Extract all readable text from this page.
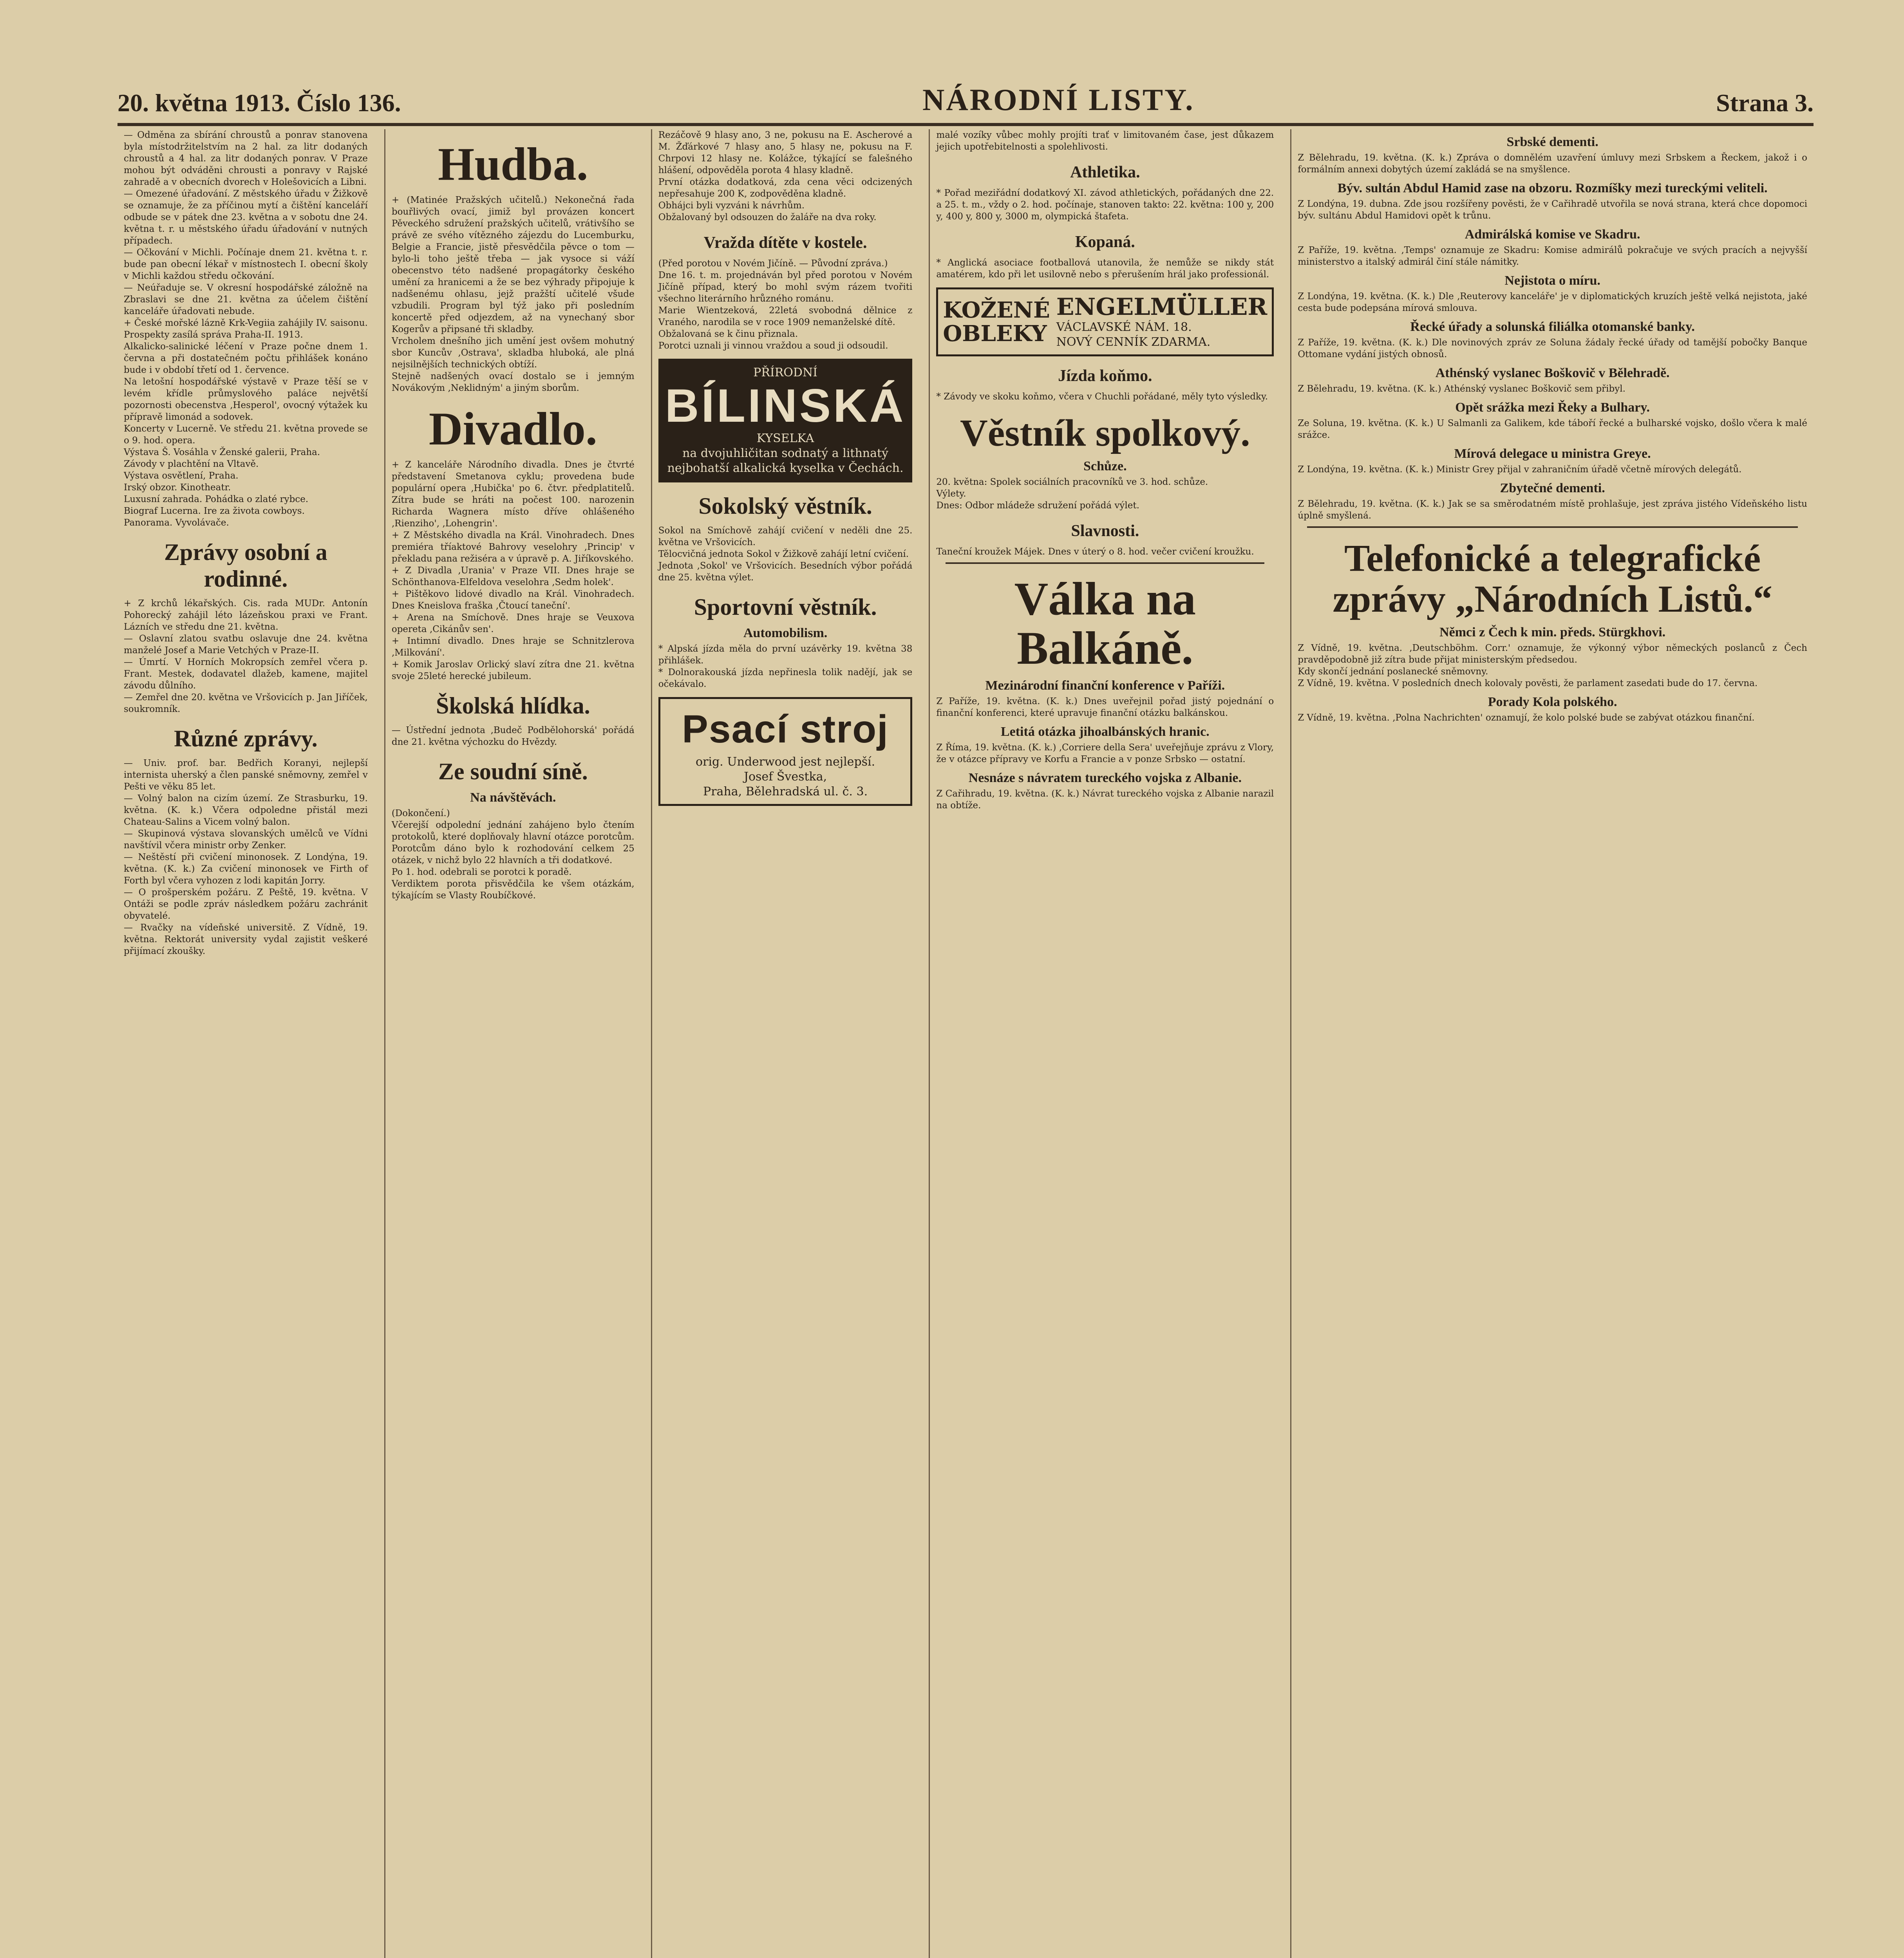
20. května 1913. Číslo 136.	NÁRODNÍ LISTY.	Strana 3.
— Odměna za sbírání chroustů a ponrav stanovena byla místodržitelstvím na 2 hal. za litr dodaných chroustů a 4 hal. za litr dodaných ponrav. V Praze mohou být odváděni chrousti a ponravy v Rajské zahradě a v obecních dvorech v Holešovicích a Libni.
— Omezené úřadování. Z městského úřadu v Žižkově se oznamuje, že za příčinou mytí a čištění kanceláří odbude se v pátek dne 23. května a v sobotu dne 24. května t. r. u městského úřadu úřadování v nutných případech.
— Očkování v Michli. Počínaje dnem 21. května t. r. bude pan obecní lékař v místnostech I. obecní školy v Michli každou středu očkování.
— Neúřaduje se. V okresní hospodářské záložně na Zbraslavi se dne 21. května za účelem čištění kanceláře úřadovati nebude.
+ České mořské lázně Krk-Vegiia zahájily IV. saisonu. Prospekty zasílá správa Praha-II. 1913.
Alkalicko-salinické léčení v Praze počne dnem 1. června a při dostatečném počtu přihlášek konáno bude i v období třetí od 1. července.
Na letošní hospodářské výstavě v Praze těší se v levém křídle průmyslového paláce největší pozornosti obecenstva ‚Hesperol', ovocný výtažek ku přípravě limonád a sodovek.
Koncerty v Lucerně. Ve středu 21. května provede se o 9. hod. opera.
Výstava Š. Vosáhla v Ženské galerii, Praha.
Závody v plachtění na Vltavě.
Výstava osvětlení, Praha.
Irský obzor. Kinotheatr.
Luxusní zahrada. Pohádka o zlaté rybce.
Biograf Lucerna. Ire za života cowboys.
Panorama. Vyvolávače.
Zprávy osobní a rodinné.
+ Z krchů lékařských. Cis. rada MUDr. Antonín Pohorecký zahájil léto lázeňskou praxi ve Frant. Lázních ve středu dne 21. května.
— Oslavní zlatou svatbu oslavuje dne 24. května manželé Josef a Marie Vetchých v Praze-II.
— Úmrtí. V Horních Mokropsích zemřel včera p. Frant. Mestek, dodavatel dlažeb, kamene, majitel závodu důlního.
— Zemřel dne 20. května ve Vršovicích p. Jan Jiříček, soukromník.
Různé zprávy.
— Univ. prof. bar. Bedřich Koranyi, nejlepší internista uherský a člen panské sněmovny, zemřel v Pešti ve věku 85 let.
— Volný balon na cizím území. Ze Strasburku, 19. května. (K. k.) Včera odpoledne přistál mezi Chateau-Salins a Vicem volný balon.
— Skupinová výstava slovanských umělců ve Vídni navštívil včera ministr orby Zenker.
— Neštěstí při cvičení minonosek. Z Londýna, 19. května. (K. k.) Za cvičení minonosek ve Firth of Forth byl včera vyhozen z lodi kapitán Jorry.
— O prošperském požáru. Z Peště, 19. května. V Ontáži se podle zpráv následkem požáru zachránit obyvatelé.
— Rvačky na vídeňské universitě. Z Vídně, 19. května. Rektorát university vydal zajistit veškeré přijímací zkoušky.
Hudba.
+ (Matinée Pražských učitelů.) Nekonečná řada bouřlivých ovací, jimiž byl provázen koncert Pěveckého sdružení pražských učitelů, vrátivšího se právě ze svého vítězného zájezdu do Lucemburku, Belgie a Francie, jistě přesvědčila pěvce o tom — bylo-li toho ještě třeba — jak vysoce si váží obecenstvo této nadšené propagátorky českého umění za hranicemi a že se bez výhrady připojuje k nadšenému ohlasu, jejž pražští učitelé všude vzbudili. Program byl týž jako při posledním koncertě před odjezdem, až na vynechaný sbor Kogerův a připsané tři skladby.
Vrcholem dnešního jich umění jest ovšem mohutný sbor Kuncův ‚Ostrava', skladba hluboká, ale plná nejsilnějších technických obtíží.
Stejně nadšených ovací dostalo se i jemným Novákovým ‚Neklidným' a jiným sborům.
Divadlo.
+ Z kanceláře Národního divadla. Dnes je čtvrté představení Smetanova cyklu; provedena bude populární opera ‚Hubička' po 6. čtvr. předplatitelů. Zítra bude se hráti na počest 100. narozenin Richarda Wagnera místo dříve ohlášeného ‚Rienziho', ‚Lohengrin'.
+ Z Městského divadla na Král. Vinohradech. Dnes premiéra tříaktové Bahrovy veselohry ‚Princip' v překladu pana režiséra a v úpravě p. A. Jiříkovského.
+ Z Divadla ‚Urania' v Praze VII. Dnes hraje se Schönthanova-Elfeldova veselohra ‚Sedm holek'.
+ Pištěkovo lidové divadlo na Král. Vinohradech. Dnes Kneislova fraška ‚Čtoucí taneční'.
+ Arena na Smíchově. Dnes hraje se Veuxova opereta ‚Cikánův sen'.
+ Intimní divadlo. Dnes hraje se Schnitzlerova ‚Milkování'.
+ Komik Jaroslav Orlický slaví zítra dne 21. května svoje 25leté herecké jubileum.
Školská hlídka.
— Ústřední jednota ‚Budeč Podbělohorská' pořádá dne 21. května výchozku do Hvězdy.
Ze soudní síně.
Na návštěvách.
(Dokončení.)
Včerejší odpolední jednání zahájeno bylo čtením protokolů, které doplňovaly hlavní otázce porotcům. Porotcům dáno bylo k rozhodování celkem 25 otázek, v nichž bylo 22 hlavních a tři dodatkové.
Po 1. hod. odebrali se porotci k poradě.
Verdiktem porota přisvědčila ke všem otázkám, týkajícím se Vlasty Roubíčkové.
Rezáčově 9 hlasy ano, 3 ne, pokusu na E. Ascherové a M. Žďárkové 7 hlasy ano, 5 hlasy ne, pokusu na F. Chrpovi 12 hlasy ne. Kolážce, týkající se falešného hlášení, odpověděla porota 4 hlasy kladně.
První otázka dodatková, zda cena věci odcizených nepřesahuje 200 K, zodpověděna kladně.
Obhájci byli vyzváni k návrhům.
Obžalovaný byl odsouzen do žaláře na dva roky.
Vražda dítěte v kostele.
(Před porotou v Novém Jičíně. — Původní zpráva.)
Dne 16. t. m. projednáván byl před porotou v Novém Jičíně případ, který bo mohl svým rázem tvořiti všechno literárního hrůzného románu.
Marie Wientzeková, 22letá svobodná dělnice z Vraného, narodila se v roce 1909 nemanželské dítě.
Obžalovaná se k činu přiznala.
Porotci uznali ji vinnou vraždou a soud ji odsoudil.
PŘÍRODNÍ
BÍLINSKÁ
KYSELKA
na dvojuhličitan sodnatý a lithnatý nejbohatší alkalická kyselka v Čechách.
Sokolský věstník.
Sokol na Smíchově zahájí cvičení v neděli dne 25. května ve Vršovicích.
Tělocvičná jednota Sokol v Žižkově zahájí letní cvičení.
Jednota ‚Sokol' ve Vršovicích. Besedních výbor pořádá dne 25. května výlet.
Sportovní věstník.
Automobilism.
* Alpská jízda měla do první uzávěrky 19. května 38 přihlášek.
* Dolnorakouská jízda nepřinesla tolik nadějí, jak se očekávalo.
Psací stroj
orig. Underwood jest nejlepší.
Josef Švestka,
Praha, Bělehradská ul. č. 3.
malé vozíky vůbec mohly projíti trať v limitovaném čase, jest důkazem jejich upotřebitelnosti a spolehlivosti.
Athletika.
* Pořad meziřádní dodatkový XI. závod athletických, pořádaných dne 22. a 25. t. m., vždy o 2. hod. počínaje, stanoven takto: 22. května: 100 y, 200 y, 400 y, 800 y, 3000 m, olympická štafeta.
Kopaná.
* Anglická asociace footballová utanovila, že nemůže se nikdy stát amatérem, kdo při let usilovně nebo s přerušením hrál jako professionál.
KOŽENÉ OBLEKY
ENGELMÜLLER
VÁCLAVSKÉ NÁM. 18.
NOVÝ CENNÍK ZDARMA.
Jízda koňmo.
* Závody ve skoku koňmo, včera v Chuchli pořádané, měly tyto výsledky.
Věstník spolkový.
Schůze.
20. května: Spolek sociálních pracovníků ve 3. hod. schůze.
Výlety.
Dnes: Odbor mládeže sdružení pořádá výlet.
Slavnosti.
Taneční kroužek Májek. Dnes v úterý o 8. hod. večer cvičení kroužku.
Válka na Balkáně.
Mezinárodní finanční konference v Paříži.
Z Paříže, 19. května. (K. k.) Dnes uveřejnil pořad jistý pojednání o finanční konferenci, které upravuje finanční otázku balkánskou.
Letitá otázka jihoalbánských hranic.
Z Říma, 19. května. (K. k.) ‚Corriere della Sera' uveřejňuje zprávu z Vlory, že v otázce přípravy ve Korfu a Francie a v ponze Srbsko — ostatní.
Nesnáze s návratem tureckého vojska z Albanie.
Z Cařihradu, 19. května. (K. k.) Návrat tureckého vojska z Albanie narazil na obtíže.
Srbské dementi.
Z Bělehradu, 19. května. (K. k.) Zpráva o domnělém uzavření úmluvy mezi Srbskem a Řeckem, jakož i o formálním annexi dobytých území zakládá se na smyšlence.
Býv. sultán Abdul Hamid zase na obzoru. Rozmíšky mezi tureckými veliteli.
Z Londýna, 19. dubna. Zde jsou rozšířeny pověsti, že v Cařihradě utvořila se nová strana, která chce dopomoci býv. sultánu Abdul Hamidovi opět k trůnu.
Admirálská komise ve Skadru.
Z Paříže, 19. května. ‚Temps' oznamuje ze Skadru: Komise admirálů pokračuje ve svých pracích a nejvyšší ministerstvo a italský admirál činí stále námitky.
Nejistota o míru.
Z Londýna, 19. května. (K. k.) Dle ‚Reuterovy kanceláře' je v diplomatických kruzích ještě velká nejistota, jaké cesta bude podepsána mírová smlouva.
Řecké úřady a solunská filiálka otomanské banky.
Z Paříže, 19. května. (K. k.) Dle novinových zpráv ze Soluna žádaly řecké úřady od tamější pobočky Banque Ottomane vydání jistých obnosů.
Athénský vyslanec Boškovič v Bělehradě.
Z Bělehradu, 19. května. (K. k.) Athénský vyslanec Boškovič sem přibyl.
Opět srážka mezi Řeky a Bulhary.
Ze Soluna, 19. května. (K. k.) U Salmanli za Galikem, kde táboří řecké a bulharské vojsko, došlo včera k malé srážce.
Mírová delegace u ministra Greye.
Z Londýna, 19. května. (K. k.) Ministr Grey přijal v zahraničním úřadě včetně mírových delegátů.
Zbytečné dementi.
Z Bělehradu, 19. května. (K. k.) Jak se sa směrodatném místě prohlašuje, jest zpráva jistého Vídeňského listu úplně smyšlená.
Telefonické a telegrafické zprávy „Národních Listů.“
Němci z Čech k min. předs. Stürgkhovi.
Z Vídně, 19. května. ‚Deutschböhm. Corr.' oznamuje, že výkonný výbor německých poslanců z Čech pravděpodobně již zítra bude přijat ministerským předsedou.
Kdy skončí jednání poslanecké sněmovny.
Z Vídně, 19. května. V posledních dnech kolovaly pověsti, že parlament zasedati bude do 17. června.
Porady Kola polského.
Z Vídně, 19. května. ‚Polna Nachrichten' oznamují, že kolo polské bude se zabývat otázkou finanční.
